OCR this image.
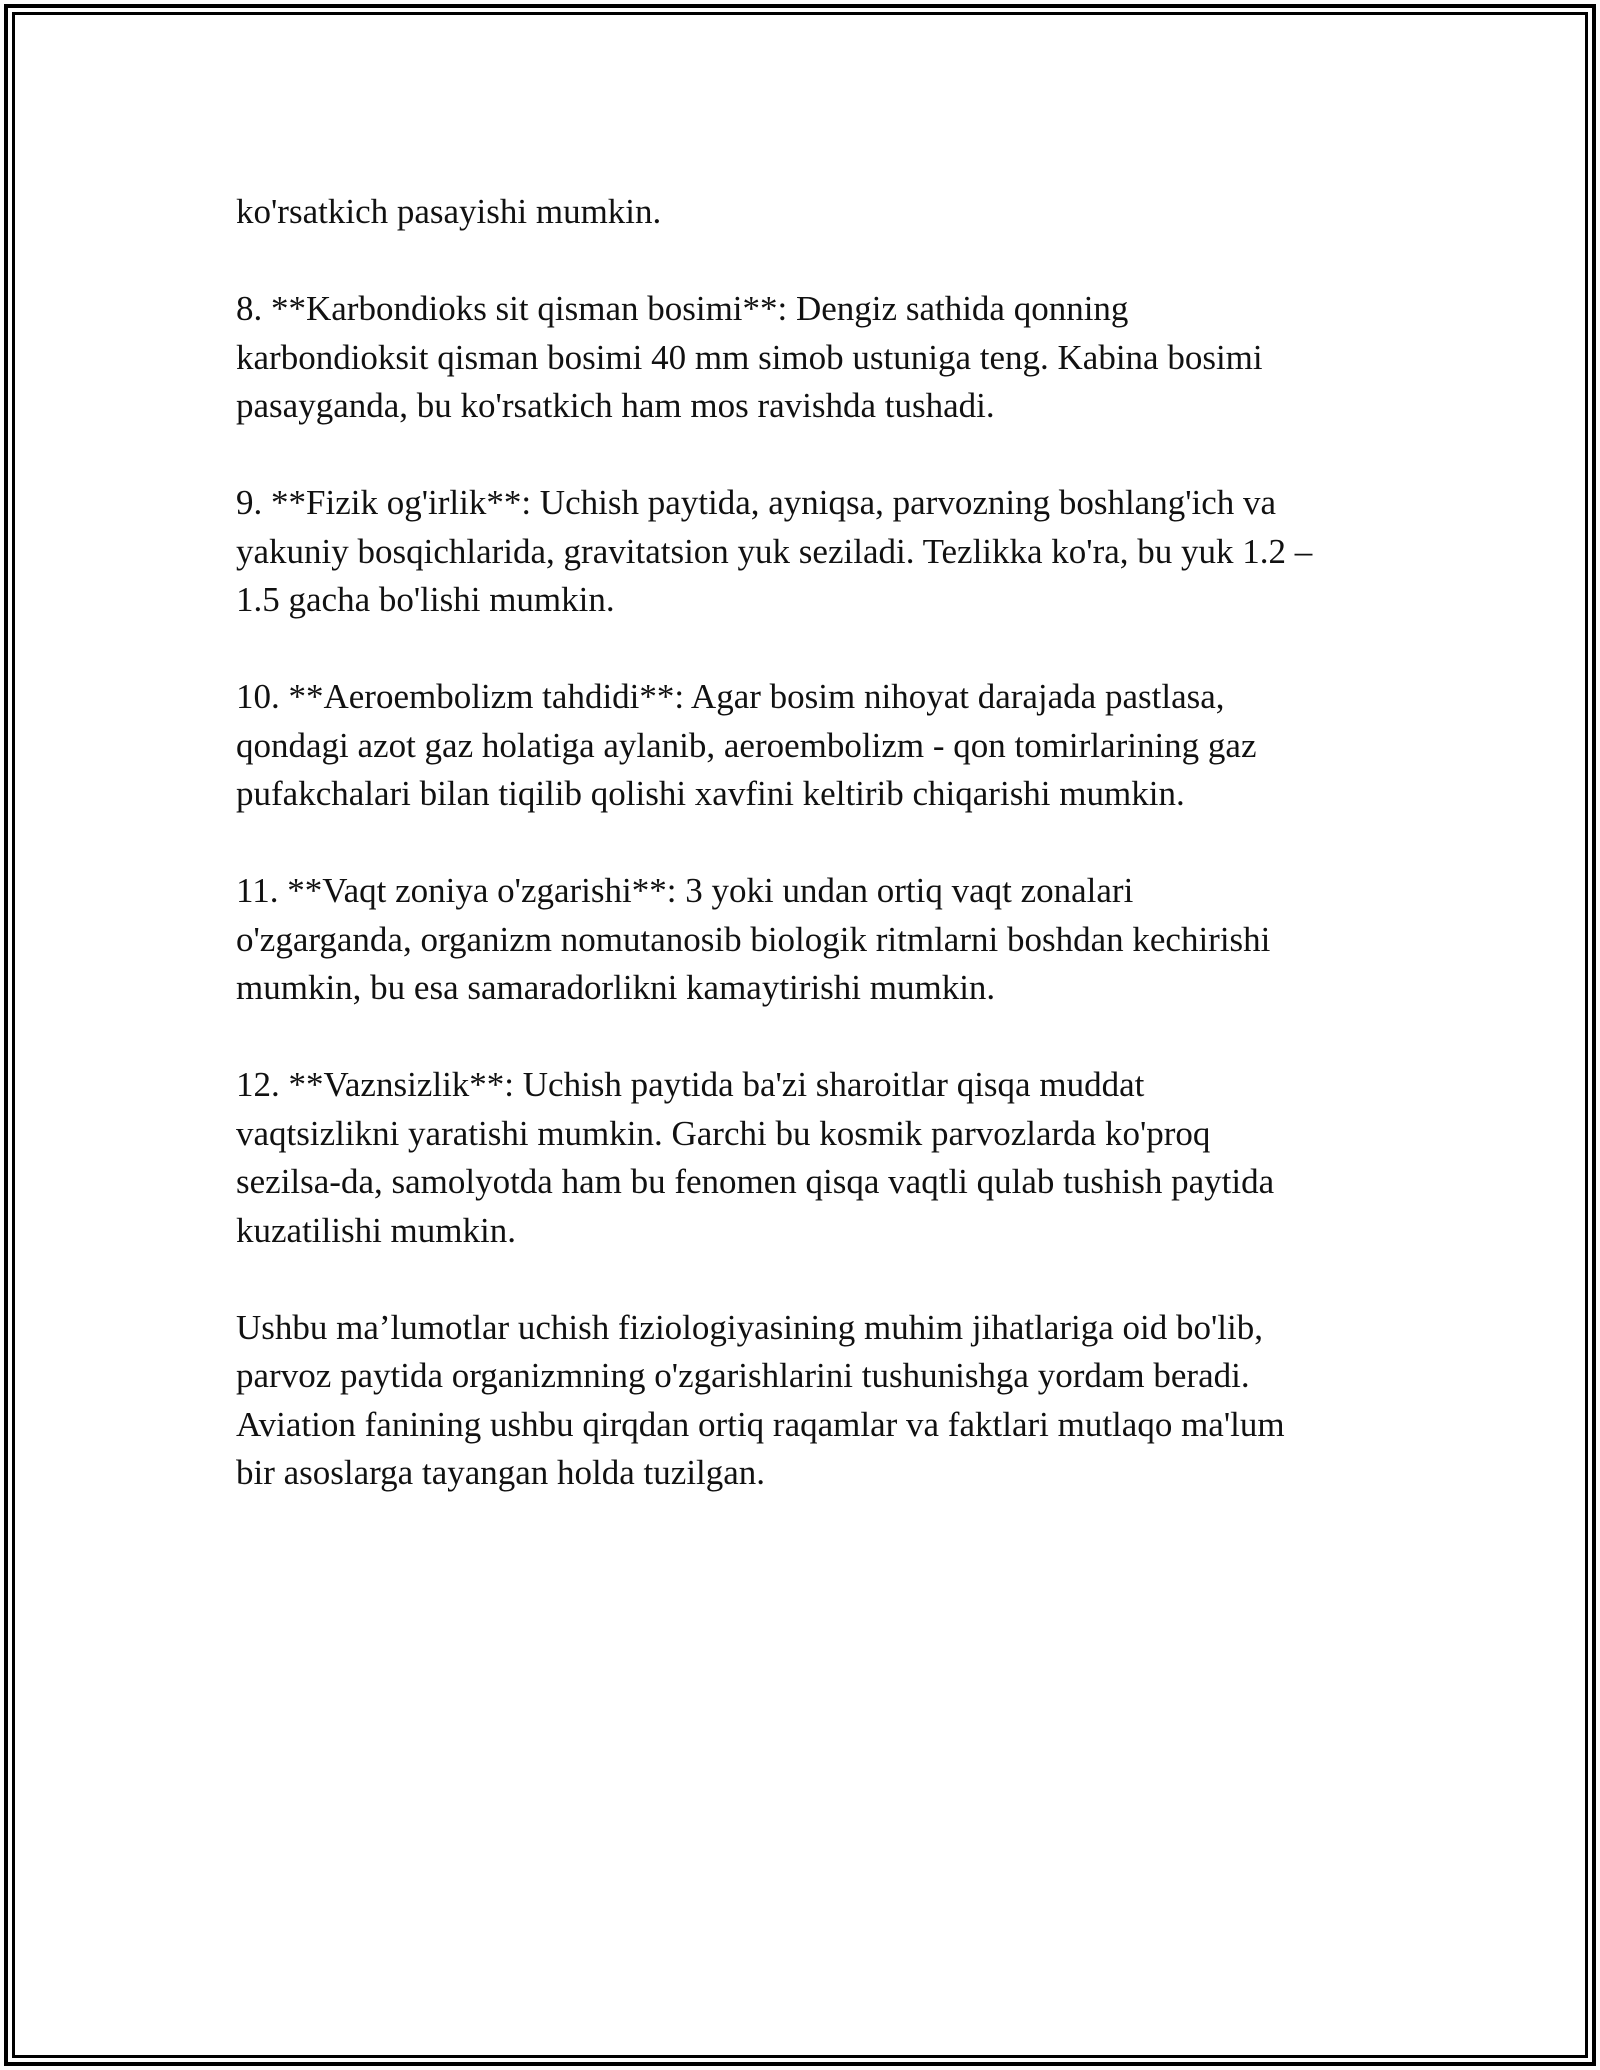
ko'rsatkich pasayishi mumkin.

8. **Karbondioks sit qisman bosimi**: Dengiz sathida qonning
karbondioksit qisman bosimi 40 mm simob ustuniga teng. Kabina bosimi
pasayganda, bu ko'rsatkich ham mos ravishda tushadi.

9. **Fizik og'irlik**: Uchish paytida, ayniqsa, parvozning boshlang'ich va
yakuniy bosqichlarida, gravitatsion yuk seziladi. Tezlikka ko'ra, bu yuk 1.2 –
1.5 gacha bo'lishi mumkin.

10. **Aeroembolizm tahdidi**: Agar bosim nihoyat darajada pastlasa,
qondagi azot gaz holatiga aylanib, aeroembolizm - qon tomirlarining gaz
pufakchalari bilan tiqilib qolishi xavfini keltirib chiqarishi mumkin.

11. **Vaqt zoniya o'zgarishi**: 3 yoki undan ortiq vaqt zonalari
o'zgarganda, organizm nomutanosib biologik ritmlarni boshdan kechirishi
mumkin, bu esa samaradorlikni kamaytirishi mumkin.

12. **Vaznsizlik**: Uchish paytida ba'zi sharoitlar qisqa muddat
vaqtsizlikni yaratishi mumkin. Garchi bu kosmik parvozlarda ko'proq
sezilsa-da, samolyotda ham bu fenomen qisqa vaqtli qulab tushish paytida
kuzatilishi mumkin.

Ushbu ma’lumotlar uchish fiziologiyasining muhim jihatlariga oid bo'lib,
parvoz paytida organizmning o'zgarishlarini tushunishga yordam beradi.
Aviation fanining ushbu qirqdan ortiq raqamlar va faktlari mutlaqo ma'lum
bir asoslarga tayangan holda tuzilgan.
